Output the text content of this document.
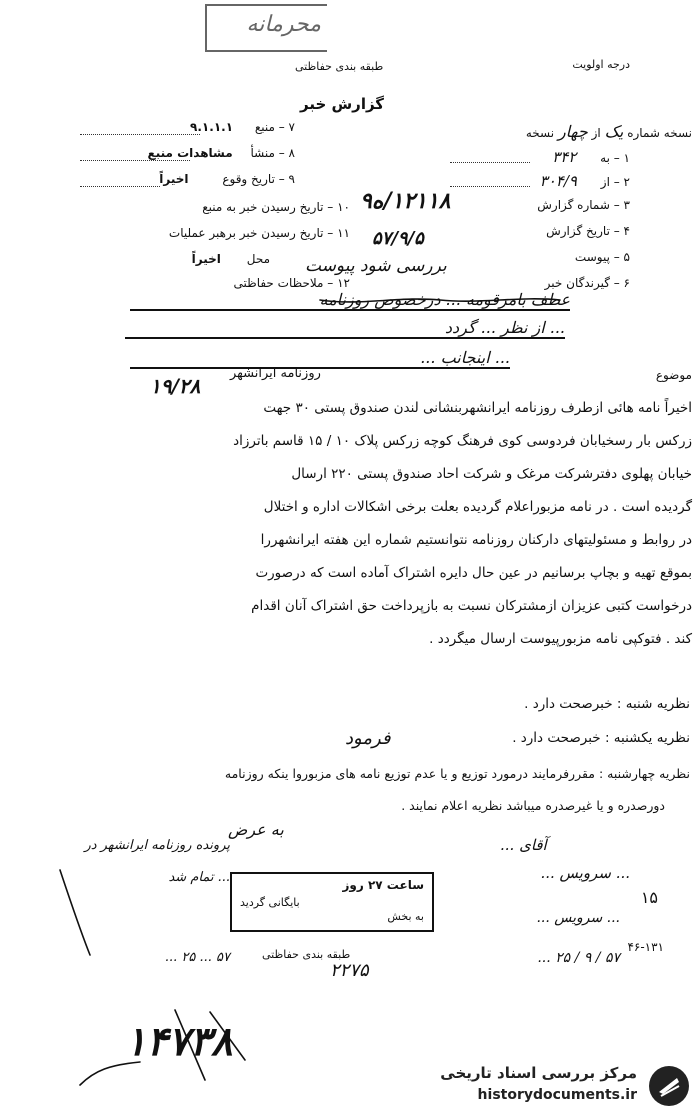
محرمانه
درجه اولویت
طبقه بندی حفاظتی
گزارش خبر
نسخه شماره یک از چهار نسخه
۱ – به ۳۴۲
۲ – از ۳۰۴/۹
۳ – شماره گزارش
۱۲۱۱۸/ه۹
۴ – تاریخ گزارش
۵۷/۹/۵
۵ – پیوست
۶ – گیرندگان خبر
بررسی شود پیوست
۷ – منبع ۹.۱.۱.۱
۸ – منشأ مشاهدات منبع
۹ – تاریخ وقوع اخیراً
۱۰ – تاریخ رسیدن خبر به منبع
۱۱ – تاریخ رسیدن خبر برهبر عملیات
محل اخیراً
۱۲ – ملاحظات حفاظتی
عطف بامرقومه ... درخصوص روزنامه
... از نظر ... گردد
... اینجانب ...
۱۹/۲۸	موضوع
روزنامه ایرانشهر
اخیراً نامه هائی ازطرف روزنامه ایرانشهربنشانی لندن صندوق پستی ۳۰ جهت
زرکس بار رسخیابان فردوسی کوی فرهنگ کوچه زرکس پلاک ۱۰ / ۱۵ قاسم باترزاد
خیابان پهلوی دفترشرکت مرغک و شرکت احاد صندوق پستی ۲۲۰ ارسال
گردیده است . در نامه مزبوراعلام گردیده بعلت برخی اشکالات اداره و اختلال
در روابط و مسئولیتهای دارکنان روزنامه نتوانستیم شماره این هفته ایرانشهررا
بموقع تهیه و بچاپ برسانیم در عین حال دایره اشتراک آماده است که درصورت
درخواست کتبی عزیزان ازمشترکان نسبت به بازپرداخت حق اشتراک آنان اقدام
کند . فتوکپی نامه مزبورپیوست ارسال میگردد .
نظریه شنبه : خبرصحت دارد .
نظریه یکشنبه : خبرصحت دارد .
فرمود
نظریه چهارشنبه : مقررفرمایند درمورد توزیع و یا عدم توزیع نامه های مزبوروا ینکه روزنامه
دورصدره و یا غیرصدره میباشد نظریه اعلام نمایند .
به عرض
پرونده روزنامه ایرانشهر در
... تمام شد
... ۲۵ ... ۵۷
آقای ...
... سرویس ...
... سرویس ...
... ۲۵ / ۹ / ۵۷
۱۵
۴۶-۱۳۱
ساعت ۲۷ روز
بایگانی گردید
به بخش
طبقه بندی حفاظتی
۲۲۷۵
۱۴۷۳۸
مرکز بررسی اسناد تاریخی
historydocuments.ir
